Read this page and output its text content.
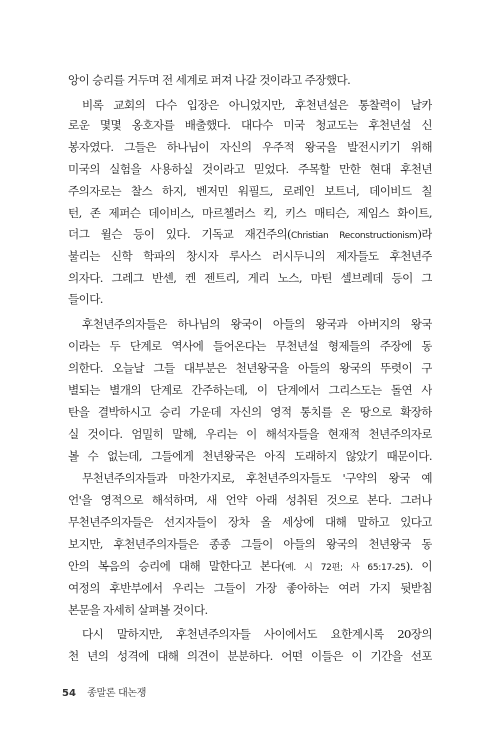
앙이 승리를 거두며 전 세계로 퍼져 나갈 것이라고 주장했다.
비록 교회의 다수 입장은 아니었지만, 후천년설은 통찰력이 날카
로운 몇몇 옹호자를 배출했다. 대다수 미국 청교도는 후천년설 신
봉자였다. 그들은 하나님이 자신의 우주적 왕국을 발전시키기 위해
미국의 실험을 사용하실 것이라고 믿었다. 주목할 만한 현대 후천년
주의자로는 찰스 하지, 벤저민 워필드, 로레인 보트너, 데이비드 칠
턴, 존 제퍼슨 데이비스, 마르첼러스 킥, 키스 매티슨, 제임스 화이트,
더그 윌슨 등이 있다. 기독교 재건주의(Christian Reconstructionism)라
불리는 신학 학파의 창시자 루사스 러시두니의 제자들도 후천년주
의자다. 그레그 반센, 켄 젠트리, 게리 노스, 마틴 셀브레데 등이 그
들이다.
후천년주의자들은 하나님의 왕국이 아들의 왕국과 아버지의 왕국
이라는 두 단계로 역사에 들어온다는 무천년설 형제들의 주장에 동
의한다. 오늘날 그들 대부분은 천년왕국을 아들의 왕국의 뚜렷이 구
별되는 별개의 단계로 간주하는데, 이 단계에서 그리스도는 돌연 사
탄을 결박하시고 승리 가운데 자신의 영적 통치를 온 땅으로 확장하
실 것이다. 엄밀히 말해, 우리는 이 해석자들을 현재적 천년주의자로
볼 수 없는데, 그들에게 천년왕국은 아직 도래하지 않았기 때문이다.
무천년주의자들과 마찬가지로, 후천년주의자들도 '구약의 왕국 예
언'을 영적으로 해석하며, 새 언약 아래 성취된 것으로 본다. 그러나
무천년주의자들은 선지자들이 장차 올 세상에 대해 말하고 있다고
보지만, 후천년주의자들은 종종 그들이 아들의 왕국의 천년왕국 동
안의 복음의 승리에 대해 말한다고 본다(예. 시 72편; 사 65:17-25). 이
여정의 후반부에서 우리는 그들이 가장 좋아하는 여러 가지 뒷받침
본문을 자세히 살펴볼 것이다.
다시 말하지만, 후천년주의자들 사이에서도 요한계시록 20장의
천 년의 성격에 대해 의견이 분분하다. 어떤 이들은 이 기간을 선포
54 종말론 대논쟁
